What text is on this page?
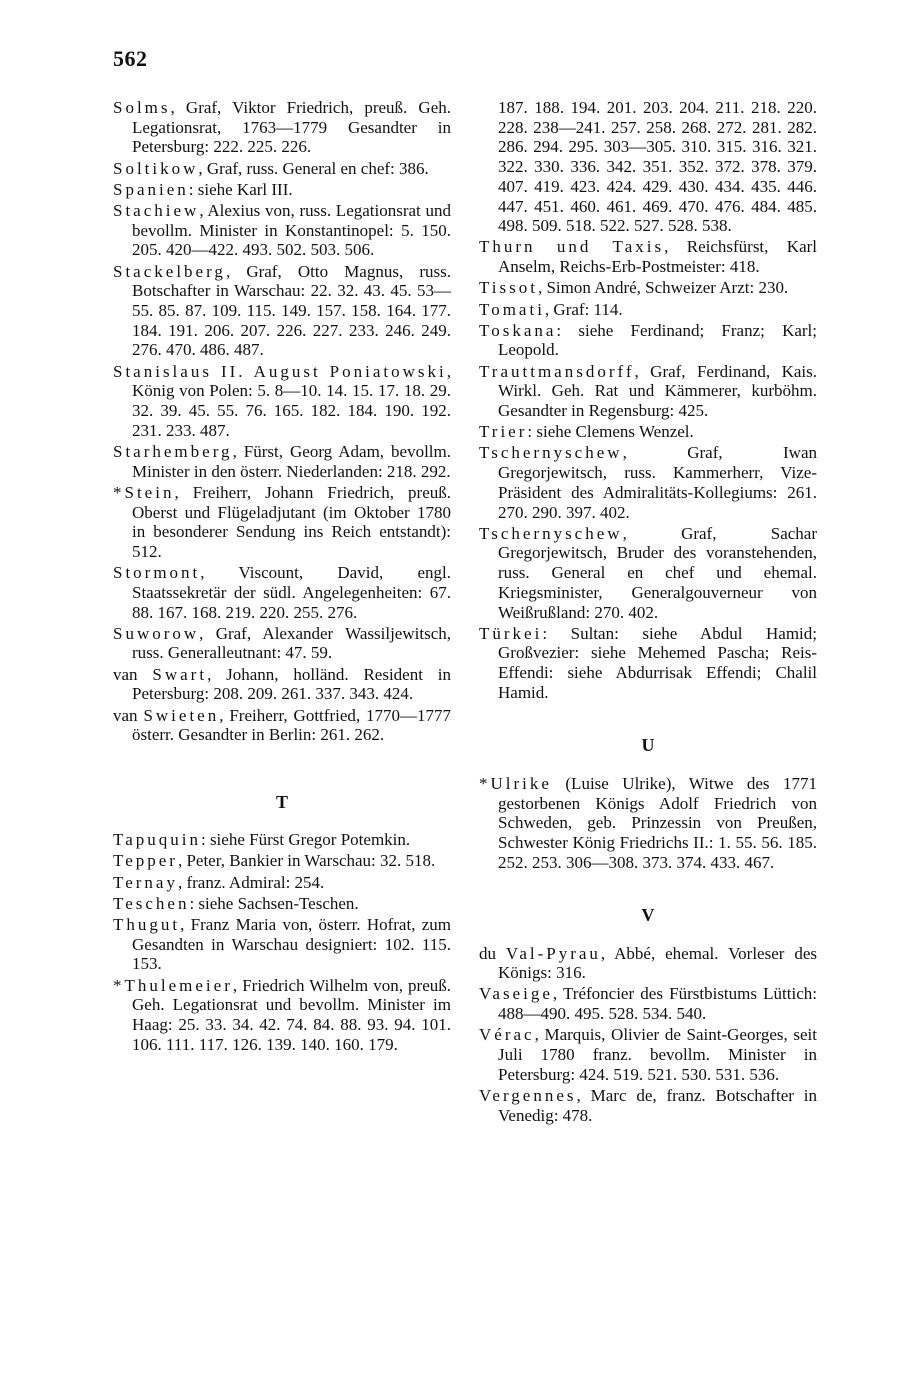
562

Solms, Graf, Viktor Friedrich, preuß. Geh. Legationsrat, 1763—1779 Gesandter in Petersburg: 222. 225. 226.

Soltikow, Graf, russ. General en chef: 386.

Spanien: siehe Karl III.

Stachiew, Alexius von, russ. Legationsrat und bevollm. Minister in Konstantinopel: 5. 150. 205. 420—422. 493. 502. 503. 506.

Stackelberg, Graf, Otto Magnus, russ. Botschafter in Warschau: 22. 32. 43. 45. 53—55. 85. 87. 109. 115. 149. 157. 158. 164. 177. 184. 191. 206. 207. 226. 227. 233. 246. 249. 276. 470. 486. 487.

Stanislaus II. August Poniatowski, König von Polen: 5. 8—10. 14. 15. 17. 18. 29. 32. 39. 45. 55. 76. 165. 182. 184. 190. 192. 231. 233. 487.

Starhemberg, Fürst, Georg Adam, bevollm. Minister in den österr. Niederlanden: 218. 292.

*Stein, Freiherr, Johann Friedrich, preuß. Oberst und Flügeladjutant (im Oktober 1780 in besonderer Sendung ins Reich entstandt): 512.

Stormont, Viscount, David, engl. Staatssekretär der südl. Angelegenheiten: 67. 88. 167. 168. 219. 220. 255. 276.

Suworow, Graf, Alexander Wassiljewitsch, russ. Generalleutnant: 47. 59.

van Swart, Johann, holländ. Resident in Petersburg: 208. 209. 261. 337. 343. 424.

van Swieten, Freiherr, Gottfried, 1770—1777 österr. Gesandter in Berlin: 261. 262.

T

Tapuquin: siehe Fürst Gregor Potemkin.

Tepper, Peter, Bankier in Warschau: 32. 518.

Ternay, franz. Admiral: 254.

Teschen: siehe Sachsen-Teschen.

Thugut, Franz Maria von, österr. Hofrat, zum Gesandten in Warschau designiert: 102. 115. 153.

*Thulemeier, Friedrich Wilhelm von, preuß. Geh. Legationsrat und bevollm. Minister im Haag: 25. 33. 34. 42. 74. 84. 88. 93. 94. 101. 106. 111. 117. 126. 139. 140. 160. 179.

187. 188. 194. 201. 203. 204. 211. 218. 220. 228. 238—241. 257. 258. 268. 272. 281. 282. 286. 294. 295. 303—305. 310. 315. 316. 321. 322. 330. 336. 342. 351. 352. 372. 378. 379. 407. 419. 423. 424. 429. 430. 434. 435. 446. 447. 451. 460. 461. 469. 470. 476. 484. 485. 498. 509. 518. 522. 527. 528. 538.

Thurn und Taxis, Reichsfürst, Karl Anselm, Reichs-Erb-Postmeister: 418.

Tissot, Simon André, Schweizer Arzt: 230.

Tomati, Graf: 114.

Toskana: siehe Ferdinand; Franz; Karl; Leopold.

Trauttmansdorff, Graf, Ferdinand, Kais. Wirkl. Geh. Rat und Kämmerer, kurböhm. Gesandter in Regensburg: 425.

Trier: siehe Clemens Wenzel.

Tschernyschew, Graf, Iwan Gregorjewitsch, russ. Kammerherr, Vize-Präsident des Admiralitäts-Kollegiums: 261. 270. 290. 397. 402.

Tschernyschew, Graf, Sachar Gregorjewitsch, Bruder des voranstehenden, russ. General en chef und ehemal. Kriegsminister, Generalgouverneur von Weißrußland: 270. 402.

Türkei: Sultan: siehe Abdul Hamid; Großvezier: siehe Mehemed Pascha; Reis-Effendi: siehe Abdurrisak Effendi; Chalil Hamid.

U

*Ulrike (Luise Ulrike), Witwe des 1771 gestorbenen Königs Adolf Friedrich von Schweden, geb. Prinzessin von Preußen, Schwester König Friedrichs II.: 1. 55. 56. 185. 252. 253. 306—308. 373. 374. 433. 467.

V

du Val-Pyrau, Abbé, ehemal. Vorleser des Königs: 316.

Vaseige, Tréfoncier des Fürstbistums Lüttich: 488—490. 495. 528. 534. 540.

Vérac, Marquis, Olivier de Saint-Georges, seit Juli 1780 franz. bevollm. Minister in Petersburg: 424. 519. 521. 530. 531. 536.

Vergennes, Marc de, franz. Botschafter in Venedig: 478.
